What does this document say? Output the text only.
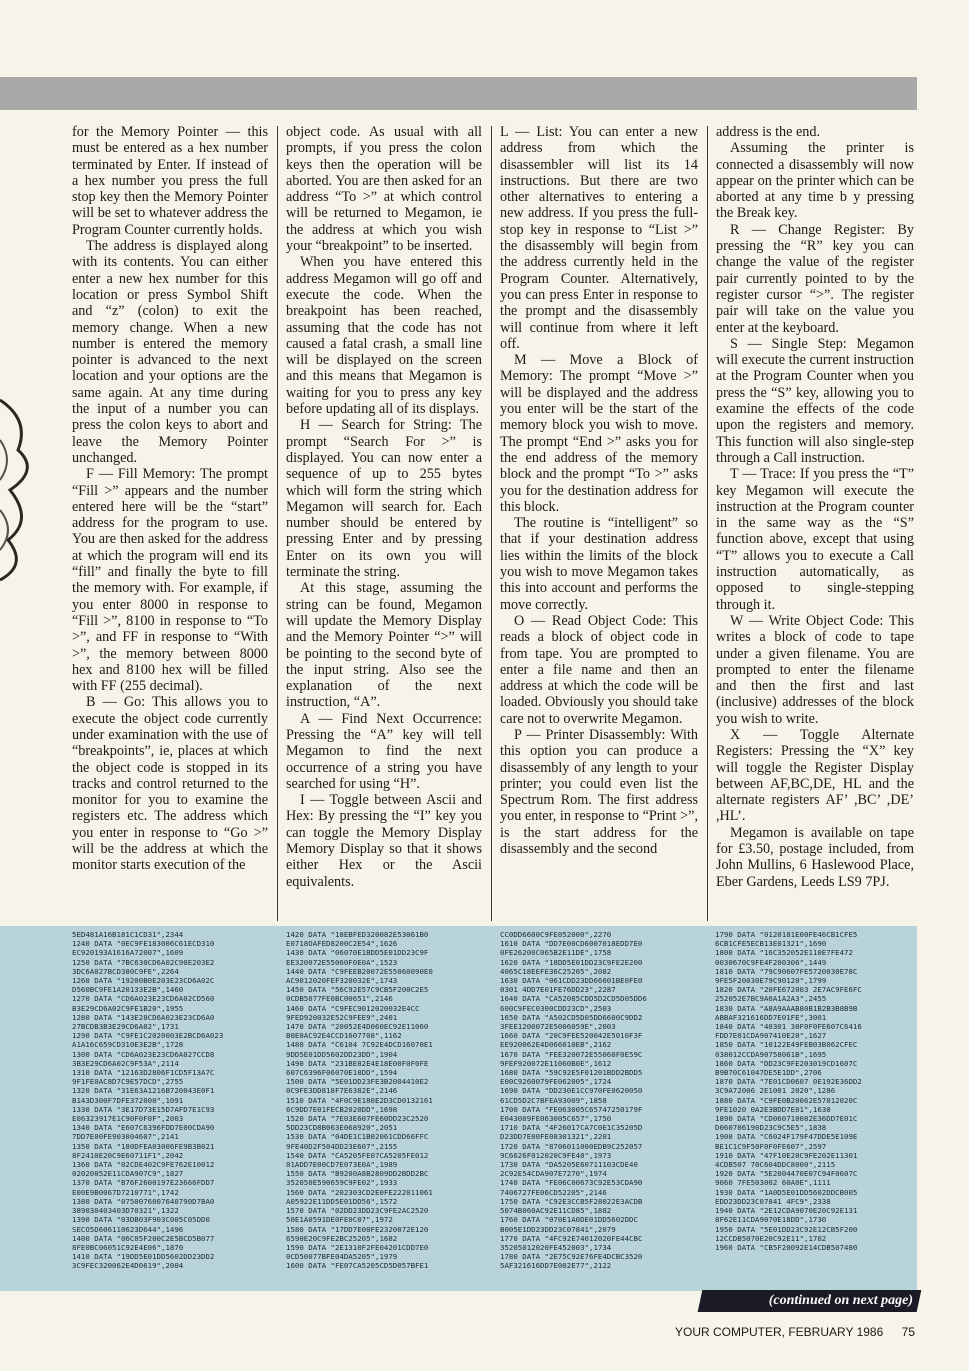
for the Memory Pointer — this must be entered as a hex number terminated by Enter. If instead of a hex number you press the full stop key then the Memory Pointer will be set to whatever address the Program Counter currently holds.

The address is displayed along with its contents. You can either enter a new hex number for this location or press Symbol Shift and “z” (colon) to exit the memory change. When a new number is entered the memory pointer is advanced to the next location and your options are the same again. At any time during the input of a number you can press the colon keys to abort and leave the Memory Pointer unchanged.

F — Fill Memory: The prompt “Fill >” appears and the number entered here will be the “start” address for the program to use. You are then asked for the address at which the program will end its “fill” and finally the byte to fill the memory with. For example, if you enter 8000 in response to “Fill >”, 8100 in response to “To >”, and FF in response to “With >”, the memory between 8000 hex and 8100 hex will be filled with FF (255 decimal).

B — Go: This allows you to execute the object code currently under examination with the use of “breakpoints”, ie, places at which the object code is stopped in its tracks and control returned to the monitor for you to examine the registers etc. The address which you enter in response to “Go >” will be the address at which the monitor starts execution of the

object code. As usual with all prompts, if you press the colon keys then the operation will be aborted. You are then asked for an address “To >” at which control will be returned to Megamon, ie the address at which you wish your “breakpoint” to be inserted.

When you have entered this address Megamon will go off and execute the code. When the breakpoint has been reached, assuming that the code has not caused a fatal crash, a small line will be displayed on the screen and this means that Megamon is waiting for you to press any key before updating all of its displays.

H — Search for String: The prompt “Search For >” is displayed. You can now enter a sequence of up to 255 bytes which will form the string which Megamon will search for. Each number should be entered by pressing Enter and by pressing Enter on its own you will terminate the string.

At this stage, assuming the string can be found, Megamon will update the Memory Display and the Memory Pointer “>” will be pointing to the second byte of the input string. Also see the explanation of the next instruction, “A”.

A — Find Next Occurrence: Pressing the “A” key will tell Megamon to find the next occurrence of a string you have searched for using “H”.

I — Toggle between Ascii and Hex: By pressing the “I” key you can toggle the Memory Display Memory Display so that it shows either Hex or the Ascii equivalents.

L — List: You can enter a new address from which the disassembler will list its 14 instructions. But there are two other alternatives to entering a new address. If you press the full-stop key in response to “List >” the disassembly will begin from the address currently held in the Program Counter. Alternatively, you can press Enter in response to the prompt and the disassembly will continue from where it left off.

M — Move a Block of Memory: The prompt “Move >” will be displayed and the address you enter will be the start of the memory block you wish to move. The prompt “End >” asks you for the end address of the memory block and the prompt “To >” asks you for the destination address for this block.

The routine is “intelligent” so that if your destination address lies within the limits of the block you wish to move Megamon takes this into account and performs the move correctly.

O — Read Object Code: This reads a block of object code in from tape. You are prompted to enter a file name and then an address at which the code will be loaded. Obviously you should take care not to overwrite Megamon.

P — Printer Disassembly: With this option you can produce a disassembly of any length to your printer; you could even list the Spectrum Rom. The first address you enter, in response to “Print >”, is the start address for the disassembly and the second

address is the end.

Assuming the printer is connected a disassembly will now appear on the printer which can be aborted at any time b y pressing the Break key.

R — Change Register: By pressing the “R” key you can change the value of the register pair currently pointed to by the register cursor “>”. The register pair will take on the value you enter at the keyboard.

S — Single Step: Megamon will execute the current instruction at the Program Counter when you press the “S” key, allowing you to examine the effects of the code upon the registers and memory. This function will also single-step through a Call instruction.

T — Trace: If you press the “T” key Megamon will execute the instruction at the Program counter in the same way as the “S” function above, except that using “T” allows you to execute a Call instruction automatically, as opposed to single-stepping through it.

W — Write Object Code: This writes a block of code to tape under a given filename. You are prompted to enter the filename and then the first and last (inclusive) addresses of the block you wish to write.

X — Toggle Alternate Registers: Pressing the “X” key will toggle the Register Display between AF,BC,DE, HL and the alternate registers AF’ ,BC’ ,DE’ ,HL’.

Megamon is available on tape for £3.50, postage included, from John Mullins, 6 Haslewood Place, Eber Gardens, Leeds LS9 7PJ.

5ED481A16B181C1CD31",2344
1240 DATA "0EC9FE183006C61ECD310
EC920193A1616A72007",1609
1250 DATA "7BC630CD6A02C90E203E2
3DC6A027BCD380C9FE",2264
1260 DATA "19200B0E203E23CD6A02C
D560BC9FE1A20133E2B",1460
1270 DATA "CD6A023E23CD6A02CD560
B3E29CD6A02C9FE1B20",1955
1280 DATA "143E28CD6A023E23CD6A0
27BCDB3B3E29CD6A02",1731
1290 DATA "C9FE1C2020003E2BCD6A023
A1A16C659CD310E3E2B",1728
1300 DATA "CD6A023E23CD6A027CCD8
3B3E29CD6A02C9F53A",2114
1310 DATA "12163D2806F1CD5F13A7C
9F1FE0AC8D7C9E57DCD",2755
1320 DATA "31E63A1216B720043E0F1
B143D300F7DFE372000",1091
1330 DATA "3E17D73E15D7AFD7E1C93
E06323917E1C90F0F0F",2003
1340 DATA "E607C6396FDD7E00CDA90
7DD7E00FE903004607",2141
1350 DATA "180DFEA03006FE9B3B021
8F2410E20C9E60711F1",2042
1360 DATA "02CDE402C9FE762E10012
02020052E11CDA907C9",1827
1370 DATA "B76F2600197E23666FDD7
E00E9B0067D7210771",1742
1380 DATA "0750076007640790D7BA0
389030403403D70321",1322
1390 DATA "03DB03F903C005C05DD0
SECO5D606110623D644",1496
1400 DATA "06C05F200C2E5BCD5B077
8FE0BC06051C92E4E06",1870
1410 DATA "19DD5E01DD5602DD23DD2
3C9FEC320062E4D0619",2004
1420 DATA "18EBFED320082E53061B0
E0718OAFED8200C2E54",1626
1430 DATA "06070E1BDD5E01DD23C9F
EE320072E55060F0E0A",1523
1440 DATA "C9FEEB20072E55060090E0
AC9012020FEF320032E",1743
1450 DATA "56C92E57C9CB5F200C2E5
0CDB5077FE0BC00651",2146
1460 DATA "C9FEC9012020032E4CC
9FED920032E52C9FEE9",2401
1470 DATA "20052E4D060EC92E11060
B0E0AC92E4CCD1607708",1162
1480 DATA "C6104 7C92E4DCD16070E1
9DD5E01DD5602DD23DD",1904
1490 DATA "231BE82E4E18E00F0F0FE
607C6396F06070E18DD",1594
1500 DATA "5E01DD23FE3B2004410E2
0C9FE3DD818F7E6382E",2146
1510 DATA "4F0C9E180E2D3CD0132161
6C9DD7E01FECB2020DD",1698
1520 DATA "7E03E607FE60DD23C2520
5DD23CD8B063E068920",2051
1530 DATA "04DE1C1B02061CDD66FFC
9FE40D2F504DD23E607",2155
1540 DATA "CA5205FE07CA5205FE012
01ADD7E00CD7E073E0A",1989
1550 DATA "B9200A8B2809DD2BDD2BC
352050E590659C9FE02",1933
1560 DATA "202303CD2E0FE222011061
A05922E11DD5E01DD56",1572
1570 DATA "02DD23DD23C9FE2AC2520
50E1A0591DE0FE0C07",1972
1580 DATA "17DD7E00FE2320072E120
6590E20C9FE2BC25205",1682
1590 DATA "2E1310F2FE04201CDD7E0
0CD50077BFE04DA5205",1979
1600 DATA "FE07CA5205CD5D057BFE1
CC0DD6600C9FE052000",2270
1610 DATA "DD7E00CD6007018EDD7E0
0FE26200C065B2E11DE",1758
1620 DATA "18DD5E01DD23C9FE2E200
4065C18EEFE36C25205",2082
1630 DATA "061CDD23DD66001BE0FE0
0301 4DD7E01FE76DD23",2287
1640 DATA "CA52085CDD5D2CD5D05DD6
600C9FEC0300CDD23CD",2503
1650 DATA "A502CD5D05DD6600C9DD2
3FEE1200072E5006059E",2003
1660 DATA "20C9FEE520042E5010F3F
EE920062E4D066010EB",2162
1670 DATA "FEE320072E55060F0E59C
9FEF920072E11060B0E",1612
1680 DATA "59C92E5F01201BDD2BDD5
E00C9260079FE062005",1724
1690 DATA "DD230E1CC970FE0620050
61CD5D2C7BFEA93009",1858
1700 DATA "FE063005C65747250179F
E043009FE063005C657",1750
1710 DATA "4F26017CA7C0E1C35205D
D23DD7E00FE08301321",2201
1720 DATA "8706011000EDB9C252057
9C6626F012020C9FE40",1973
1730 DATA "DA5205E60711103CDE40
2C92E54CDA907E7270",1974
1740 DATA "FE06C00673C92E53CDA90
7406727FE06CD52205",2146
1750 DATA "C92E3CCB5F28022E3ACDB
5074B060AC92E11CD85",1882
1760 DATA "070E1A0DE01DD5602DDC
B005E1DD23DD23C07841",2079
1770 DATA "4FC92E74012020FE44CBC
35205012020FE452003",1734
1780 DATA "2E75C92E76FE4DCBC3520
5AF321616DD7E002E77",2122
1790 DATA "0120181E00FE46CB1CFE5
6CB1CFE5ECB13E01321",1690
1800 DATA "16C352052E110E7FE472
0030670C9FE4F200306",1449
1810 DATA "79C90607FE5720030E78C
9FE5F20030E79C90120",1799
1820 DATA "20FE672003 2E7AC9FE6FC
252052E7BC9A0A1A2A3",2455
1830 DATA "A8A9AAAB80B1B2B3B8B9B
ABBAF321616DD7E01FE",3001
1840 DATA "40301 30F0F0FE607C6416
FDD7E01CDA907410E20",1627
1850 DATA "10122E49FEB03B062CFEC
038012CCDA90758061B",1695
1860 DATA "DD23C9FE203019CD1607C
B9B70C61047DE5E1DD",2706
1870 DATA "7E01CD0607 0E192E36DD2
3C9A72006 2E1001 2020",1286
1880 DATA "C9FE0B20062E57012020C
9FE1020 0A2E3BDD7E01",1630
1890 DATA "CD060710082E36DD7E01C
D060706190D23C9C5E5",1838
1900 DATA "C6024F179F47DDE5E109E
BE1C1C9F50F0F0FE607",2597
1910 DATA "47F10E20C9FE202E11301
4CDB507 70C604DDC8000",2115
1920 DATA "5E2004470E07C94F0607C
9060 7FE503002 60A0E",1111
1930 DATA "1A0D5E01DD5602DDCB005
EDD23DD23C07841 4FC9",2338
1940 DATA "2E12CDA9070E20C92E131
8F62E11CDA9070E18DD",1730
1950 DATA "5E01DD23C92E12CB5F200
12CCDB5070E20C92E11",1702
1960 DATA "CB5F20092E14CDB507480
(continued on next page)
YOUR COMPUTER, FEBRUARY 1986 75
